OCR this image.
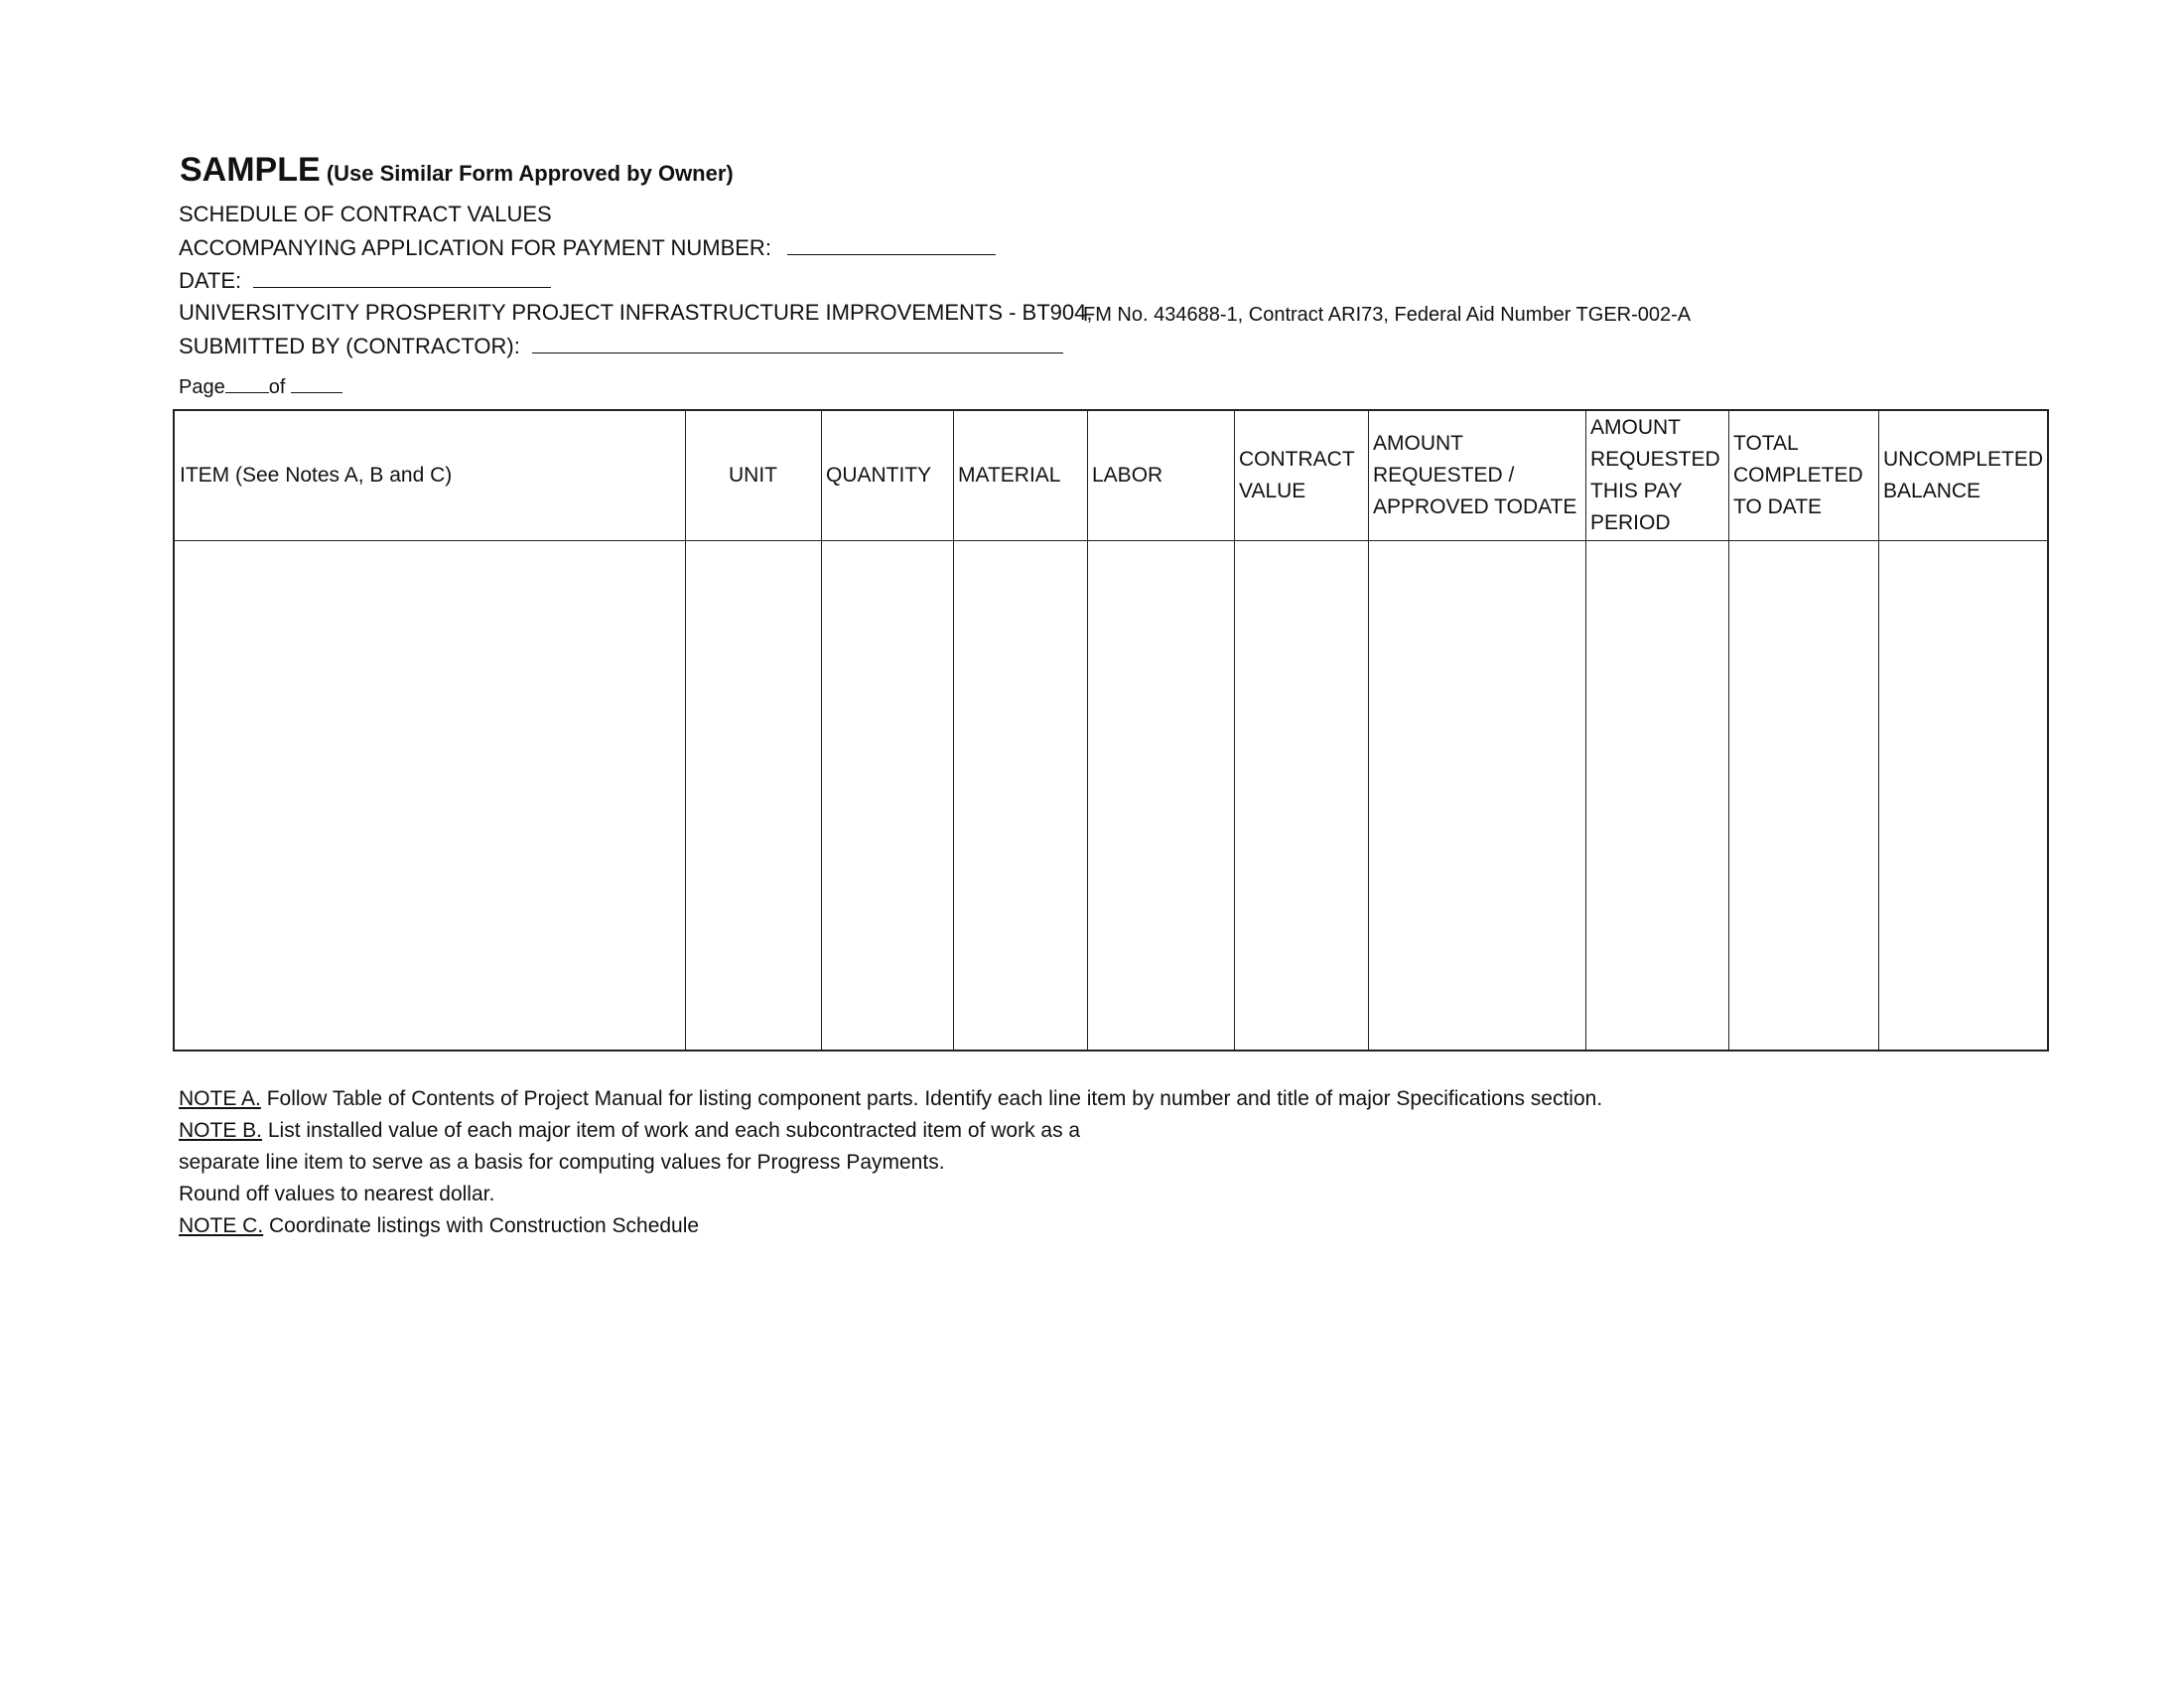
SAMPLE (Use Similar Form Approved by Owner)
SCHEDULE OF CONTRACT VALUES
ACCOMPANYING APPLICATION FOR PAYMENT NUMBER:
DATE:
UNIVERSITYCITY PROSPERITY PROJECT INFRASTRUCTURE IMPROVEMENTS - BT904,
FM No. 434688-1, Contract ARI73, Federal Aid Number TGER-002-A
SUBMITTED BY (CONTRACTOR):
Page of
ITEM (See Notes A, B and C)	UNIT QUANTITY MATERIAL LABOR
CONTRACT
VALUE
AMOUNT
REQUESTED /
APPROVED TODATE
AMOUNT
REQUESTED
THIS PAY
PERIOD
TOTAL
COMPLETED
TO DATE
UNCOMPLETED
BALANCE
NOTE A. Follow Table of Contents of Project Manual for listing component parts. Identify each line item by number and title of major Specifications section.
NOTE B. List installed value of each major item of work and each subcontracted item of work as a
separate line item to serve as a basis for computing values for Progress Payments.
Round off values to nearest dollar.
NOTE C. Coordinate listings with Construction Schedule
